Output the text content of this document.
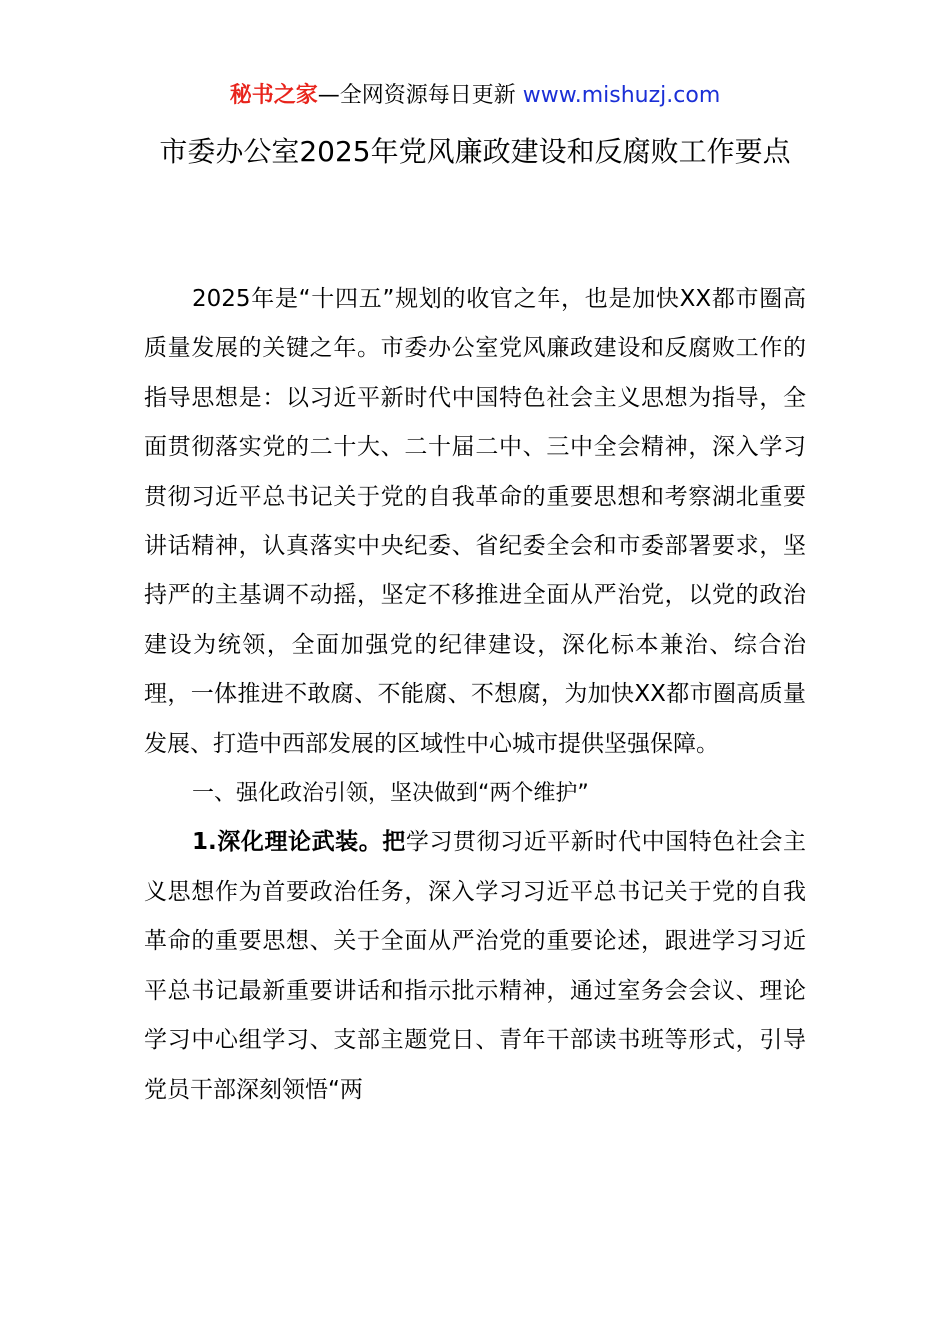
秘书之家—全网资源每日更新 www.mishuzj.com
市委办公室2025年党风廉政建设和反腐败工作要点

2025年是“十四五”规划的收官之年，也是加快XX都市圈高质量发展的关键之年。市委办公室党风廉政建设和反腐败工作的指导思想是：以习近平新时代中国特色社会主义思想为指导，全面贯彻落实党的二十大、二十届二中、三中全会精神，深入学习贯彻习近平总书记关于党的自我革命的重要思想和考察湖北重要讲话精神，认真落实中央纪委、省纪委全会和市委部署要求，坚持严的主基调不动摇，坚定不移推进全面从严治党，以党的政治建设为统领，全面加强党的纪律建设，深化标本兼治、综合治理，一体推进不敢腐、不能腐、不想腐，为加快XX都市圈高质量发展、打造中西部发展的区域性中心城市提供坚强保障。

一、强化政治引领，坚决做到“两个维护”

1.深化理论武装。把学习贯彻习近平新时代中国特色社会主义思想作为首要政治任务，深入学习习近平总书记关于党的自我革命的重要思想、关于全面从严治党的重要论述，跟进学习习近平总书记最新重要讲话和指示批示精神，通过室务会会议、理论学习中心组学习、支部主题党日、青年干部读书班等形式，引导党员干部深刻领悟“两
